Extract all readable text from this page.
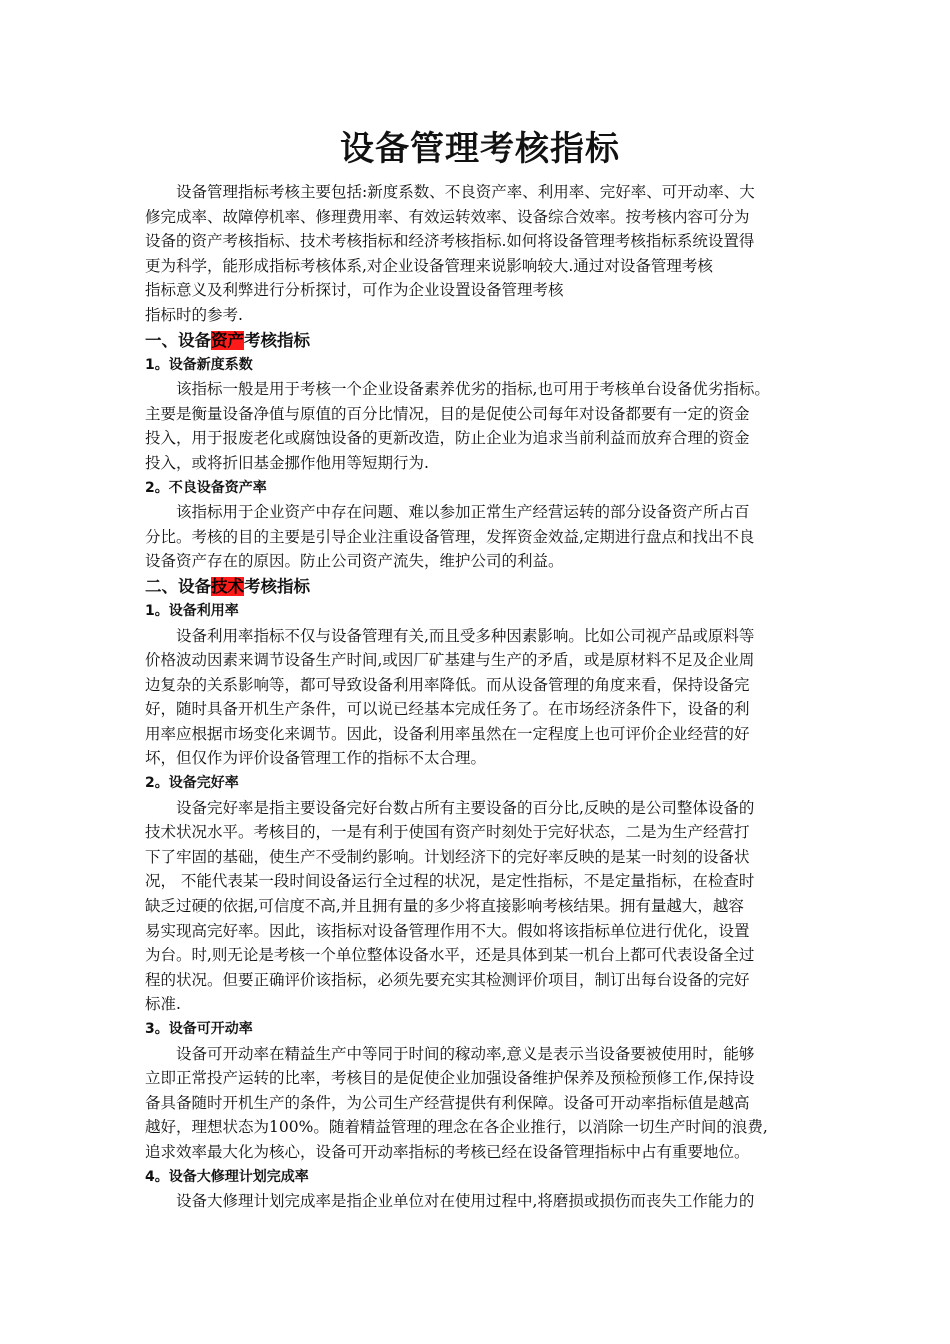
设备管理考核指标
设备管理指标考核主要包括:新度系数、不良资产率、利用率、完好率、可开动率、大
修完成率、故障停机率、修理费用率、有效运转效率、设备综合效率。按考核内容可分为
设备的资产考核指标、技术考核指标和经济考核指标.如何将设备管理考核指标系统设置得
更为科学，能形成指标考核体系,对企业设备管理来说影响较大.通过对设备管理考核
指标意义及利弊进行分析探讨，可作为企业设置设备管理考核
指标时的参考.
一、设备资产考核指标
1。设备新度系数
该指标一般是用于考核一个企业设备素养优劣的指标,也可用于考核单台设备优劣指标。
主要是衡量设备净值与原值的百分比情况，目的是促使公司每年对设备都要有一定的资金
投入，用于报废老化或腐蚀设备的更新改造，防止企业为追求当前利益而放弃合理的资金
投入，或将折旧基金挪作他用等短期行为.
2。不良设备资产率
该指标用于企业资产中存在问题、难以参加正常生产经营运转的部分设备资产所占百
分比。考核的目的主要是引导企业注重设备管理，发挥资金效益,定期进行盘点和找出不良
设备资产存在的原因。防止公司资产流失，维护公司的利益。
二、设备技术考核指标
1。设备利用率
设备利用率指标不仅与设备管理有关,而且受多种因素影响。比如公司视产品或原料等
价格波动因素来调节设备生产时间,或因厂矿基建与生产的矛盾，或是原材料不足及企业周
边复杂的关系影响等，都可导致设备利用率降低。而从设备管理的角度来看，保持设备完
好，随时具备开机生产条件，可以说已经基本完成任务了。在市场经济条件下，设备的利
用率应根据市场变化来调节。因此，设备利用率虽然在一定程度上也可评价企业经营的好
坏，但仅作为评价设备管理工作的指标不太合理。
2。设备完好率
设备完好率是指主要设备完好台数占所有主要设备的百分比,反映的是公司整体设备的
技术状况水平。考核目的，一是有利于使国有资产时刻处于完好状态，二是为生产经营打
下了牢固的基础，使生产不受制约影响。计划经济下的完好率反映的是某一时刻的设备状
况， 不能代表某一段时间设备运行全过程的状况，是定性指标，不是定量指标，在检查时
缺乏过硬的依据,可信度不高,并且拥有量的多少将直接影响考核结果。拥有量越大，越容
易实现高完好率。因此，该指标对设备管理作用不大。假如将该指标单位进行优化，设置
为台。时,则无论是考核一个单位整体设备水平，还是具体到某一机台上都可代表设备全过
程的状况。但要正确评价该指标，必须先要充实其检测评价项目，制订出每台设备的完好
标准.
3。设备可开动率
设备可开动率在精益生产中等同于时间的稼动率,意义是表示当设备要被使用时，能够
立即正常投产运转的比率，考核目的是促使企业加强设备维护保养及预检预修工作,保持设
备具备随时开机生产的条件，为公司生产经营提供有利保障。设备可开动率指标值是越高
越好，理想状态为100%。随着精益管理的理念在各企业推行，以消除一切生产时间的浪费,
追求效率最大化为核心，设备可开动率指标的考核已经在设备管理指标中占有重要地位。
4。设备大修理计划完成率
设备大修理计划完成率是指企业单位对在使用过程中,将磨损或损伤而丧失工作能力的
